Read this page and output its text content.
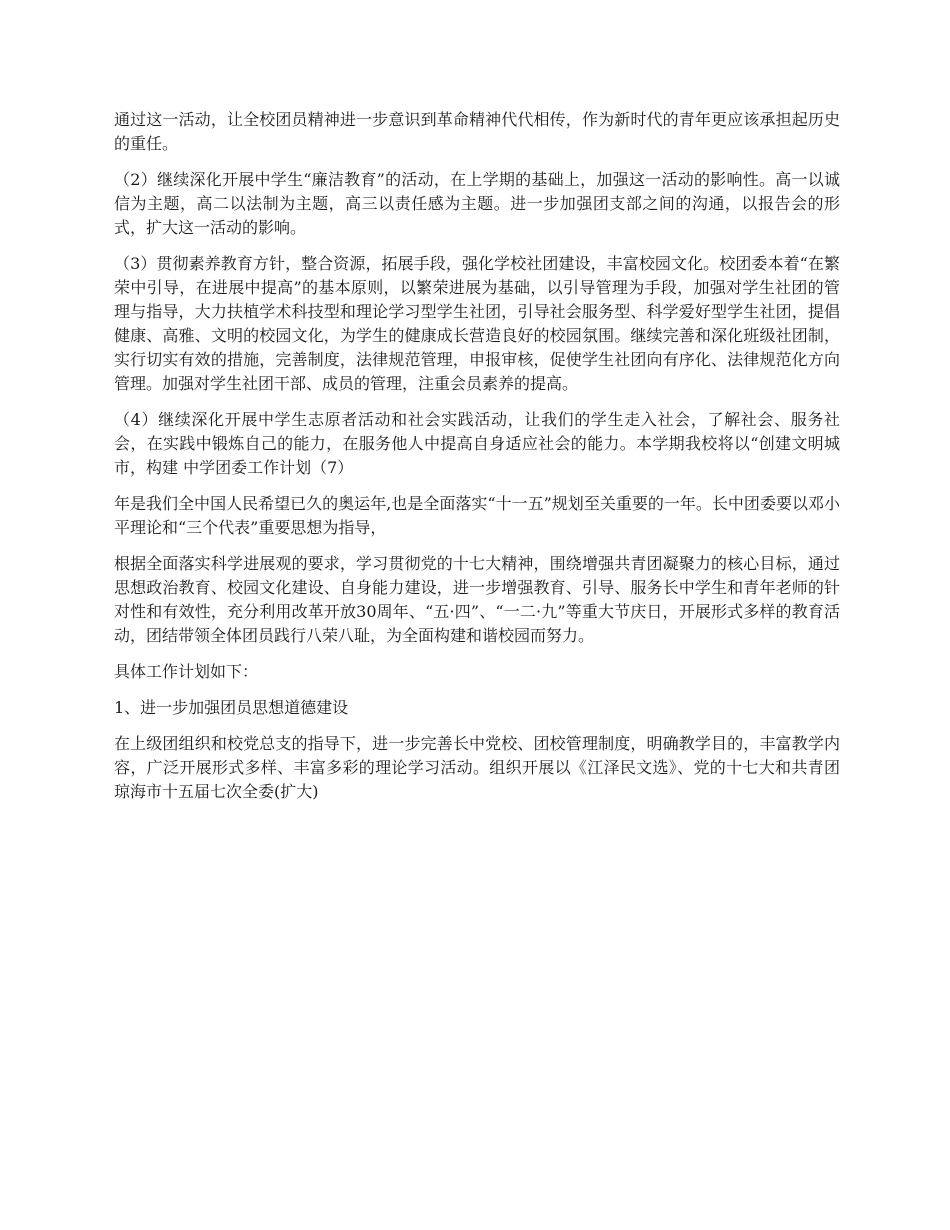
通过这一活动，让全校团员精神进一步意识到革命精神代代相传，作为新时代的青年更应该承担起历史的重任。

（2）继续深化开展中学生“廉洁教育”的活动，在上学期的基础上，加强这一活动的影响性。高一以诚信为主题，高二以法制为主题，高三以责任感为主题。进一步加强团支部之间的沟通，以报告会的形式，扩大这一活动的影响。

（3）贯彻素养教育方针，整合资源，拓展手段，强化学校社团建设，丰富校园文化。校团委本着“在繁荣中引导，在进展中提高”的基本原则，以繁荣进展为基础，以引导管理为手段，加强对学生社团的管理与指导，大力扶植学术科技型和理论学习型学生社团，引导社会服务型、科学爱好型学生社团，提倡健康、高雅、文明的校园文化，为学生的健康成长营造良好的校园氛围。继续完善和深化班级社团制，实行切实有效的措施，完善制度，法律规范管理，申报审核，促使学生社团向有序化、法律规范化方向管理。加强对学生社团干部、成员的管理，注重会员素养的提高。

（4）继续深化开展中学生志原者活动和社会实践活动，让我们的学生走入社会，了解社会、服务社会，在实践中锻炼自己的能力，在服务他人中提高自身适应社会的能力。本学期我校将以“创建文明城市，构建 中学团委工作计划（7）

年是我们全中国人民希望已久的奥运年,也是全面落实“十一五”规划至关重要的一年。长中团委要以邓小平理论和“三个代表”重要思想为指导，

根据全面落实科学进展观的要求，学习贯彻党的十七大精神，围绕增强共青团凝聚力的核心目标，通过思想政治教育、校园文化建设、自身能力建设，进一步增强教育、引导、服务长中学生和青年老师的针对性和有效性，充分利用改革开放30周年、“五·四”、“一二·九”等重大节庆日，开展形式多样的教育活动，团结带领全体团员践行八荣八耻，为全面构建和谐校园而努力。

具体工作计划如下：

1、进一步加强团员思想道德建设

在上级团组织和校党总支的指导下，进一步完善长中党校、团校管理制度，明确教学目的，丰富教学内容，广泛开展形式多样、丰富多彩的理论学习活动。组织开展以《江泽民文选》、党的十七大和共青团琼海市十五届七次全委(扩大)
